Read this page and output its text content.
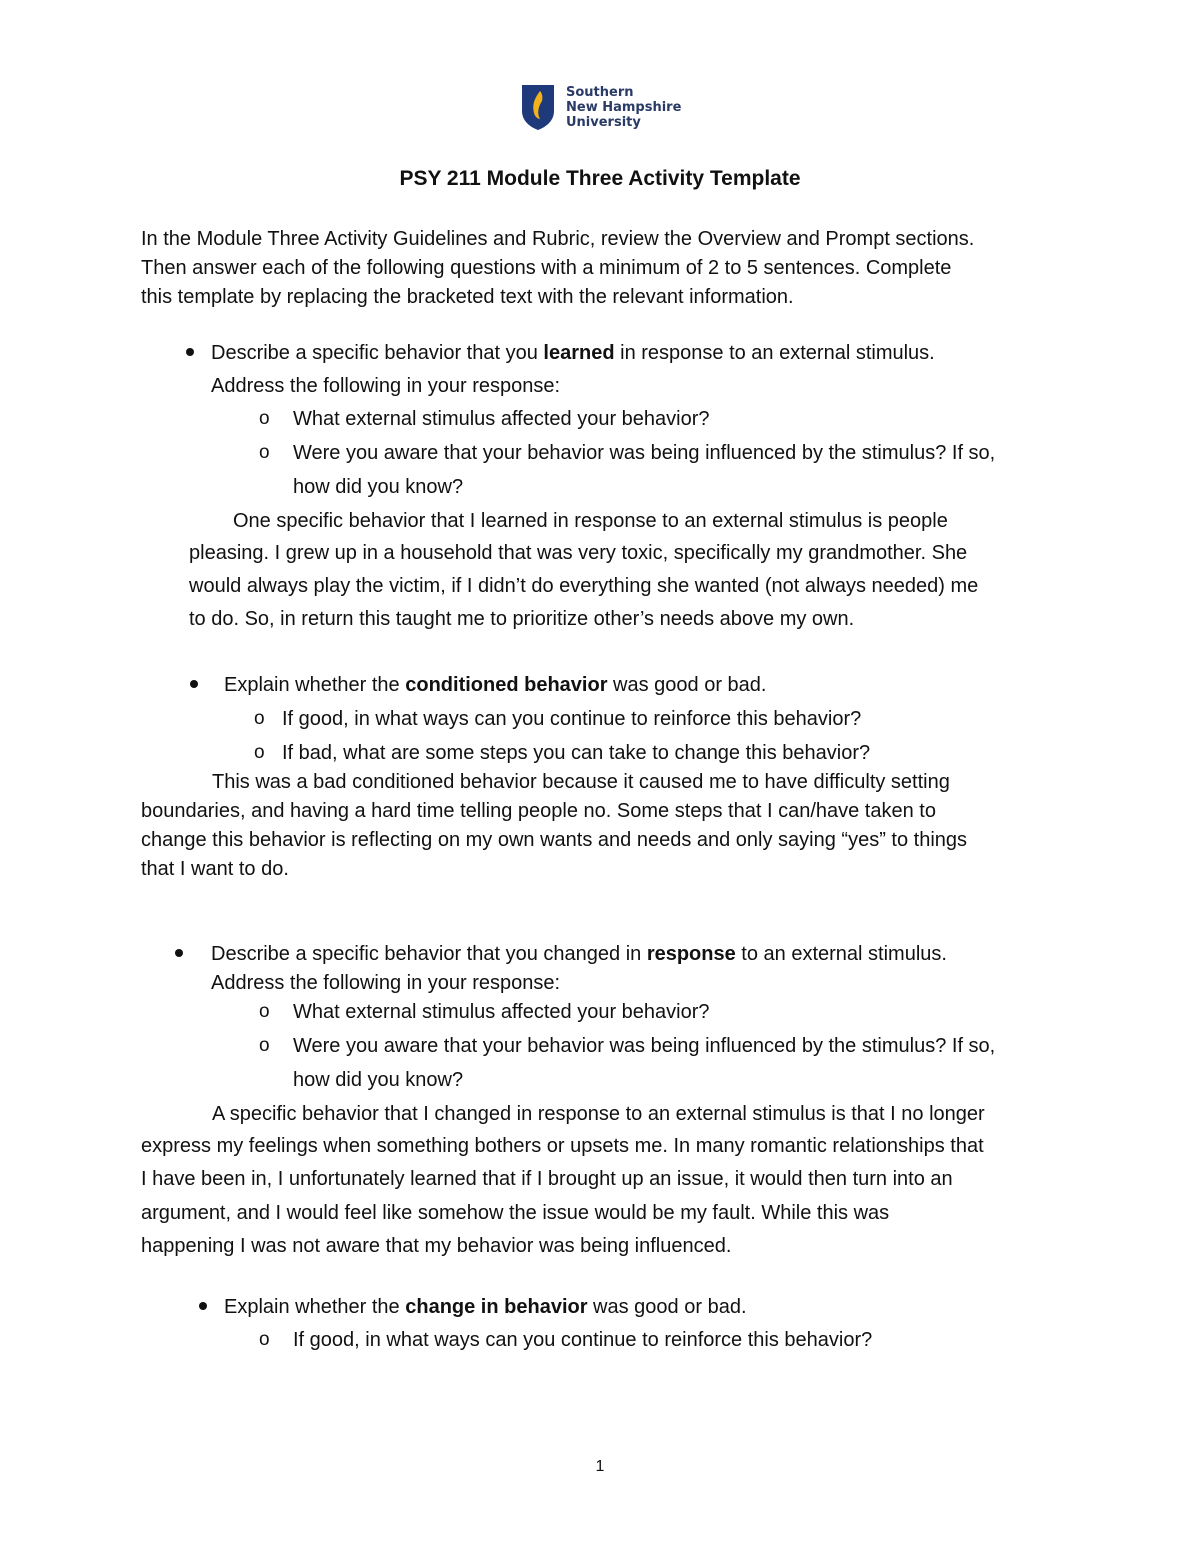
Southern
New Hampshire
University
PSY 211 Module Three Activity Template
In the Module Three Activity Guidelines and Rubric, review the Overview and Prompt sections.
Then answer each of the following questions with a minimum of 2 to 5 sentences. Complete
this template by replacing the bracketed text with the relevant information.
Describe a specific behavior that you learned in response to an external stimulus.
Address the following in your response:
o What external stimulus affected your behavior?
o Were you aware that your behavior was being influenced by the stimulus? If so,
how did you know?
One specific behavior that I learned in response to an external stimulus is people
pleasing. I grew up in a household that was very toxic, specifically my grandmother. She
would always play the victim, if I didn’t do everything she wanted (not always needed) me
to do. So, in return this taught me to prioritize other’s needs above my own.
Explain whether the conditioned behavior was good or bad.
o If good, in what ways can you continue to reinforce this behavior?
o If bad, what are some steps you can take to change this behavior?
This was a bad conditioned behavior because it caused me to have difficulty setting
boundaries, and having a hard time telling people no. Some steps that I can/have taken to
change this behavior is reflecting on my own wants and needs and only saying “yes” to things
that I want to do.
Describe a specific behavior that you changed in response to an external stimulus.
Address the following in your response:
o What external stimulus affected your behavior?
o Were you aware that your behavior was being influenced by the stimulus? If so,
how did you know?
A specific behavior that I changed in response to an external stimulus is that I no longer
express my feelings when something bothers or upsets me. In many romantic relationships that
I have been in, I unfortunately learned that if I brought up an issue, it would then turn into an
argument, and I would feel like somehow the issue would be my fault. While this was
happening I was not aware that my behavior was being influenced.
Explain whether the change in behavior was good or bad.
o If good, in what ways can you continue to reinforce this behavior?
1
